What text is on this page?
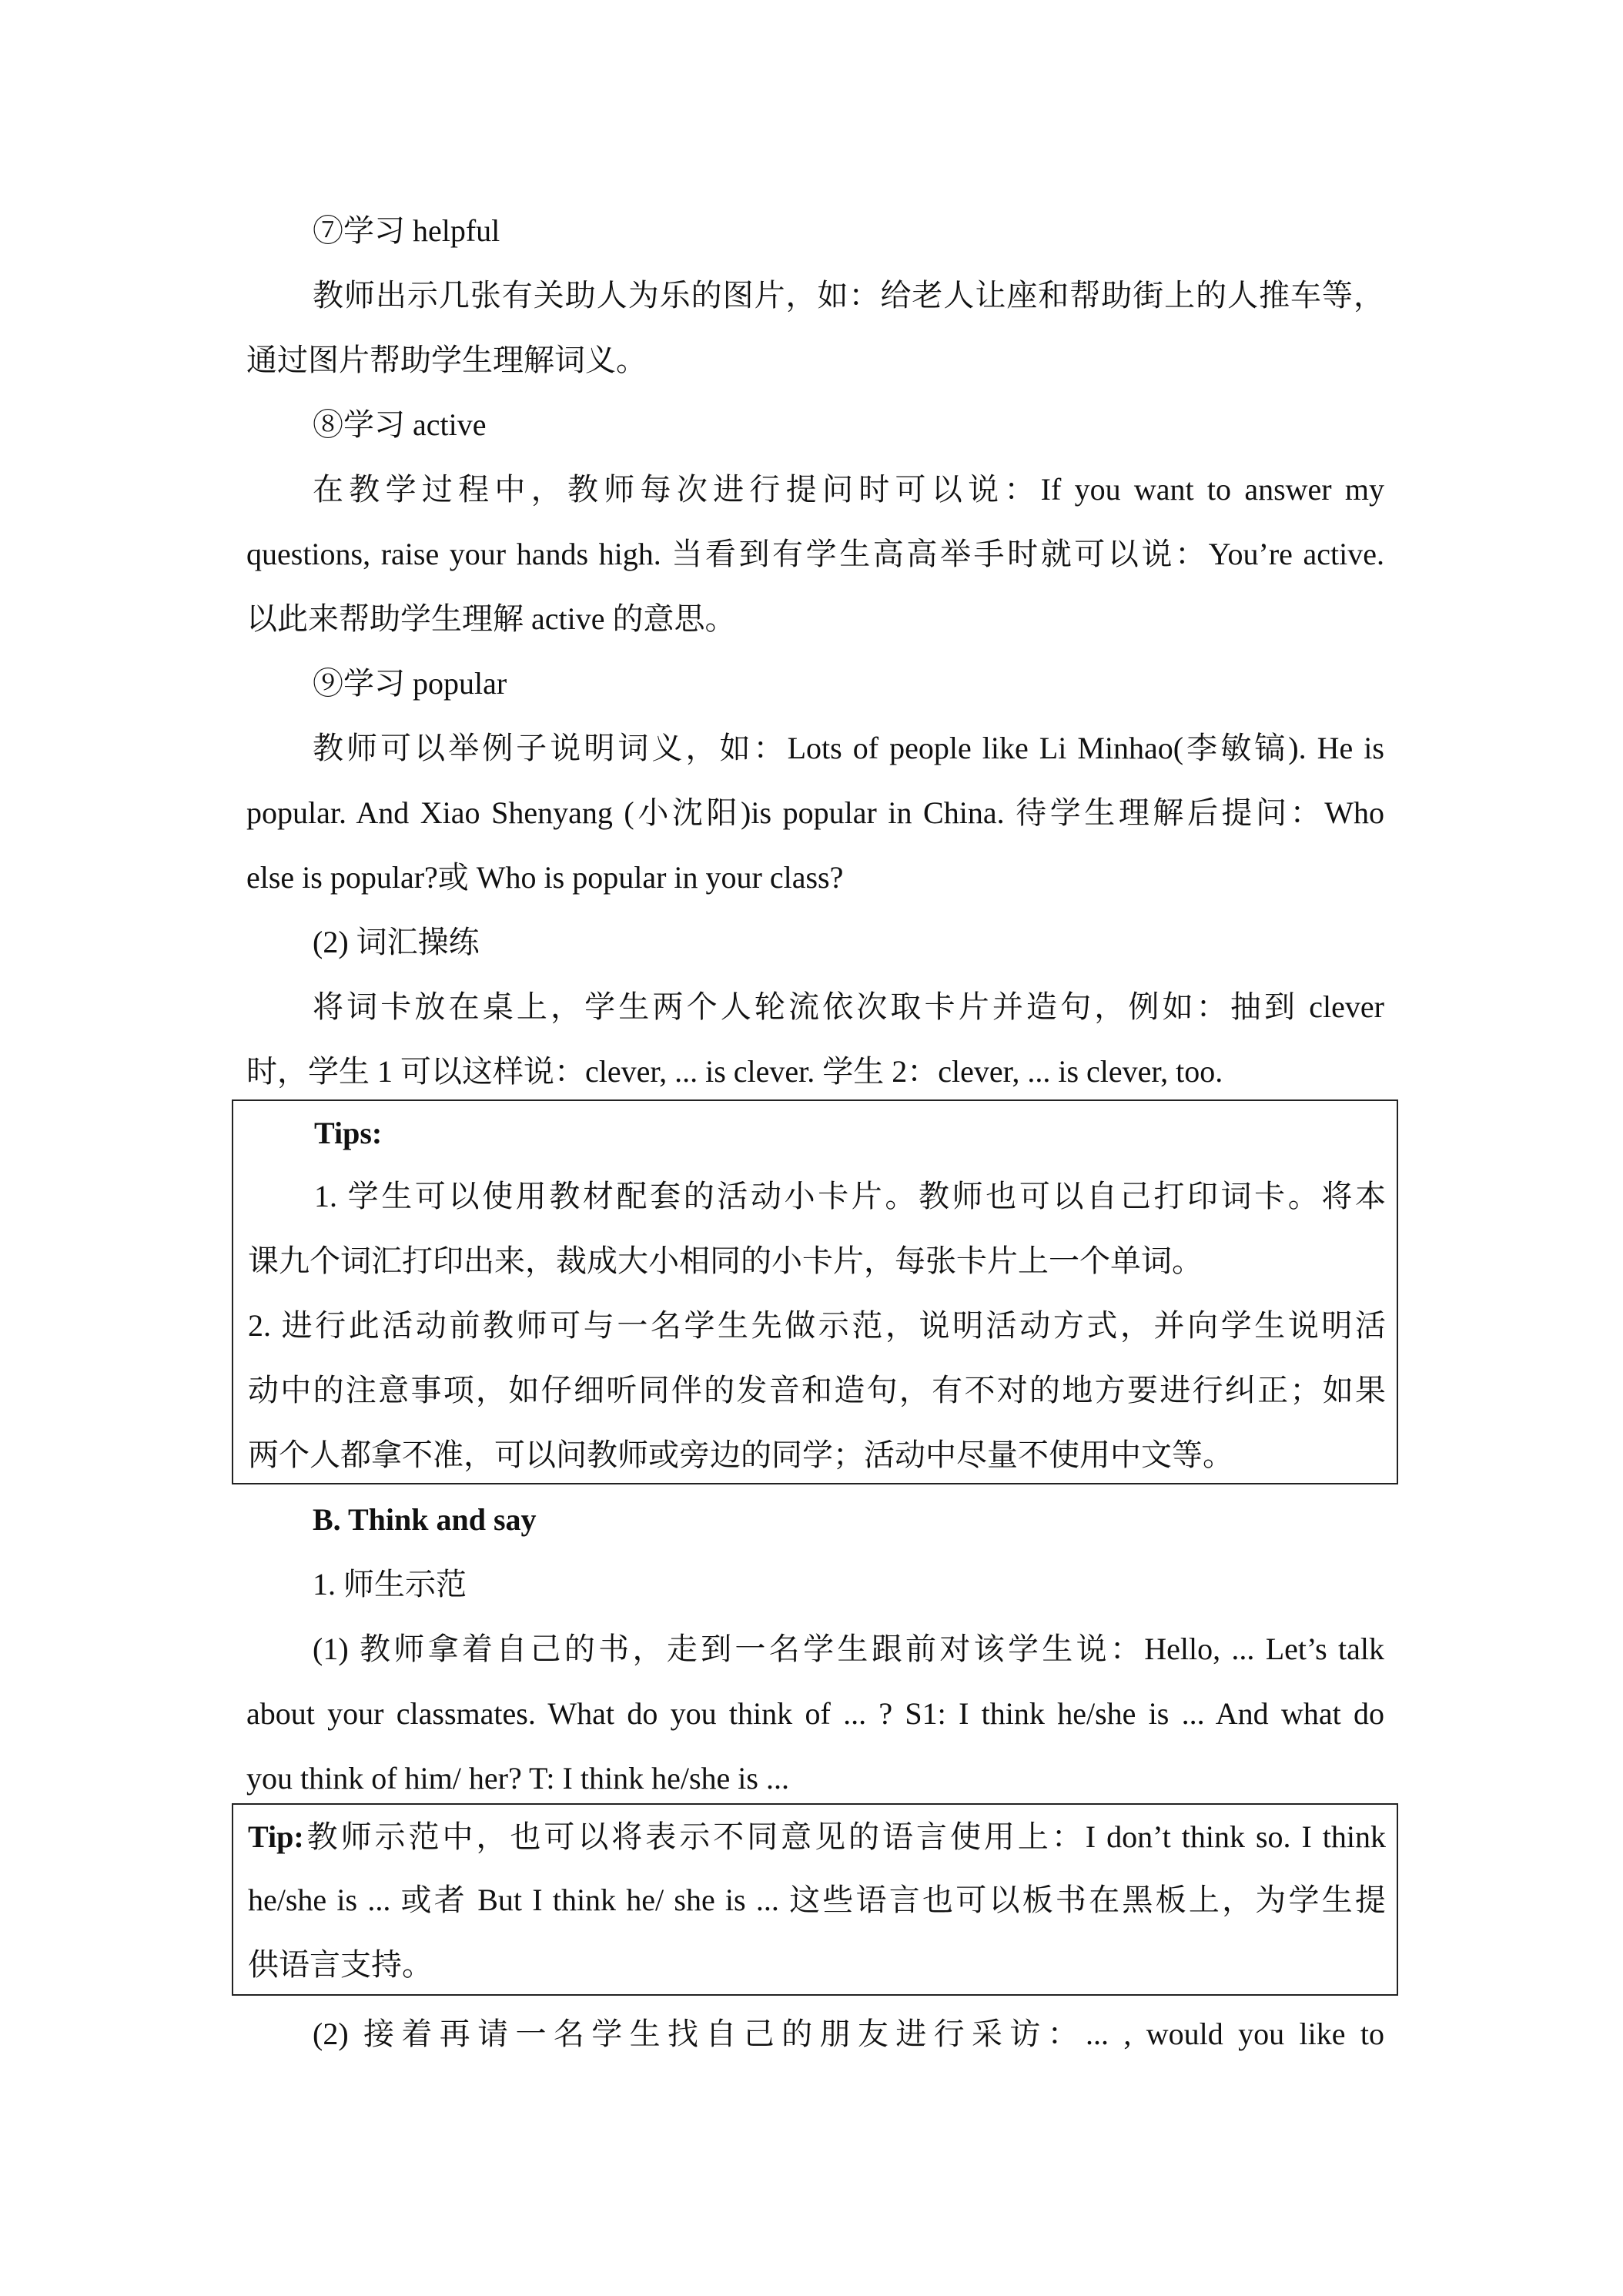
⑦学习 helpful
教师出示几张有关助人为乐的图片，如：给老人让座和帮助街上的人推车等，
通过图片帮助学生理解词义。
⑧学习 active
在教学过程中，教师每次进行提问时可以说：If you want to answer my
questions, raise your hands high. 当看到有学生高高举手时就可以说：You’re active.
以此来帮助学生理解 active 的意思。
⑨学习 popular
教师可以举例子说明词义，如：Lots of people like Li Minhao(李敏镐). He is
popular. And Xiao Shenyang (小沈阳)is popular in China. 待学生理解后提问：Who
else is popular?或 Who is popular in your class?
(2) 词汇操练
将词卡放在桌上，学生两个人轮流依次取卡片并造句，例如：抽到 clever
时，学生 1 可以这样说：clever, ... is clever. 学生 2：clever, ... is clever, too.
Tips:
1. 学生可以使用教材配套的活动小卡片。教师也可以自己打印词卡。将本
课九个词汇打印出来，裁成大小相同的小卡片，每张卡片上一个单词。
2. 进行此活动前教师可与一名学生先做示范，说明活动方式，并向学生说明活
动中的注意事项，如仔细听同伴的发音和造句，有不对的地方要进行纠正；如果
两个人都拿不准，可以问教师或旁边的同学；活动中尽量不使用中文等。
B. Think and say
1. 师生示范
(1) 教师拿着自己的书，走到一名学生跟前对该学生说：Hello, ... Let’s talk
about your classmates. What do you think of ... ? S1: I think he/she is ... And what do
you think of him/ her? T: I think he/she is ...
Tip:教师示范中，也可以将表示不同意见的语言使用上：I don’t think so. I think
he/she is ... 或者 But I think he/ she is ... 这些语言也可以板书在黑板上，为学生提
供语言支持。
(2) 接着再请一名学生找自己的朋友进行采访：... , would you like to
